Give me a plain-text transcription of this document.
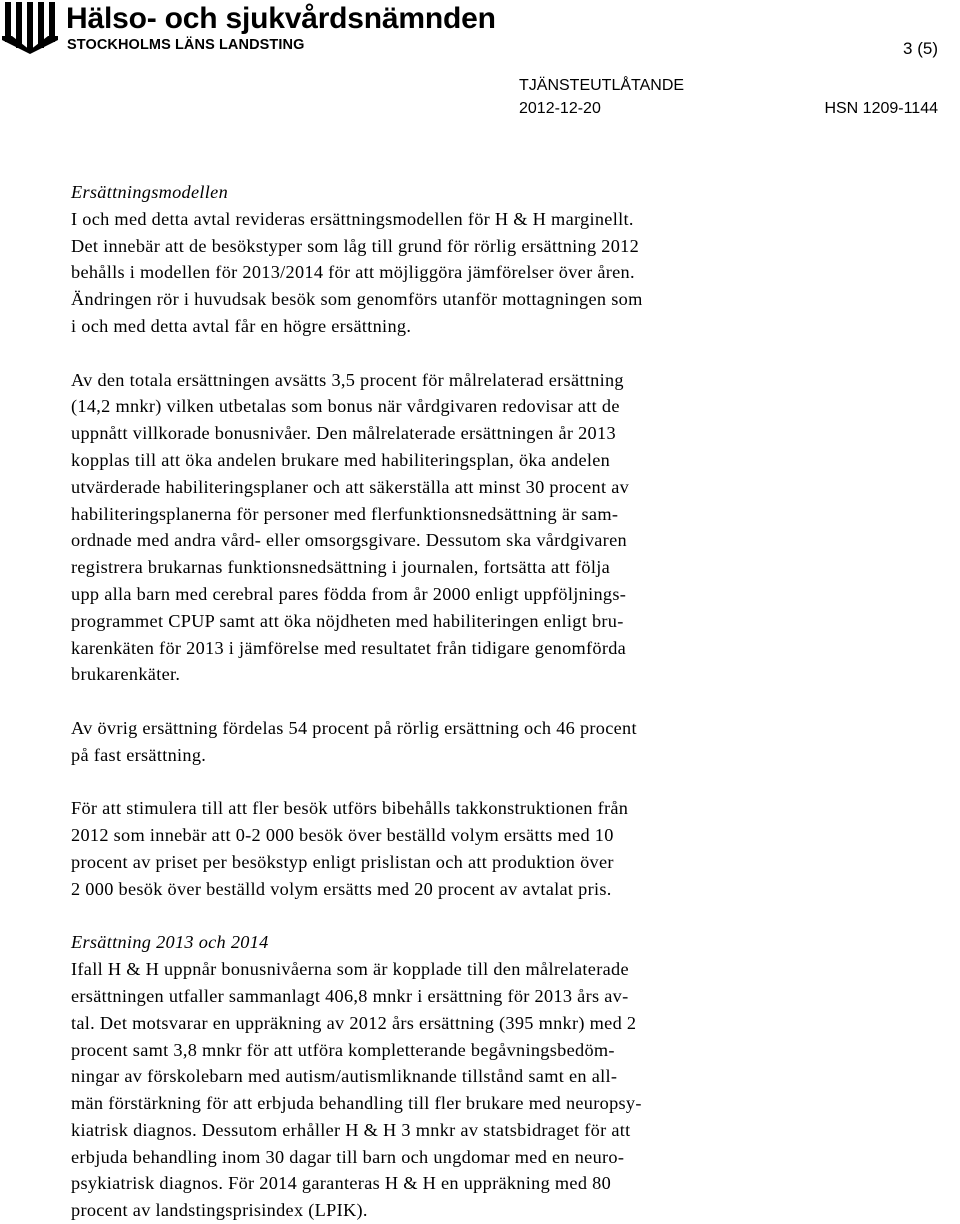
Hälso- och sjukvårdsnämnden
STOCKHOLMS LÄNS LANDSTING	3 (5)
TJÄNSTEUTLÅTANDE
2012-12-20	HSN 1209-1144
Ersättningsmodellen
I och med detta avtal revideras ersättningsmodellen för H & H marginellt.
Det innebär att de besökstyper som låg till grund för rörlig ersättning 2012
behålls i modellen för 2013/2014 för att möjliggöra jämförelser över åren.
Ändringen rör i huvudsak besök som genomförs utanför mottagningen som
i och med detta avtal får en högre ersättning.
Av den totala ersättningen avsätts 3,5 procent för målrelaterad ersättning
(14,2 mnkr) vilken utbetalas som bonus när vårdgivaren redovisar att de
uppnått villkorade bonusnivåer. Den målrelaterade ersättningen år 2013
kopplas till att öka andelen brukare med habiliteringsplan, öka andelen
utvärderade habiliteringsplaner och att säkerställa att minst 30 procent av
habiliteringsplanerna för personer med flerfunktionsnedsättning är sam-
ordnade med andra vård- eller omsorgsgivare. Dessutom ska vårdgivaren
registrera brukarnas funktionsnedsättning i journalen, fortsätta att följa
upp alla barn med cerebral pares födda from år 2000 enligt uppföljnings-
programmet CPUP samt att öka nöjdheten med habiliteringen enligt bru-
karenkäten för 2013 i jämförelse med resultatet från tidigare genomförda
brukarenkäter.
Av övrig ersättning fördelas 54 procent på rörlig ersättning och 46 procent
på fast ersättning.
För att stimulera till att fler besök utförs bibehålls takkonstruktionen från
2012 som innebär att 0-2 000 besök över beställd volym ersätts med 10
procent av priset per besökstyp enligt prislistan och att produktion över
2 000 besök över beställd volym ersätts med 20 procent av avtalat pris.
Ersättning 2013 och 2014
Ifall H & H uppnår bonusnivåerna som är kopplade till den målrelaterade
ersättningen utfaller sammanlagt 406,8 mnkr i ersättning för 2013 års av-
tal. Det motsvarar en uppräkning av 2012 års ersättning (395 mnkr) med 2
procent samt 3,8 mnkr för att utföra kompletterande begåvningsbedöm-
ningar av förskolebarn med autism/autismliknande tillstånd samt en all-
män förstärkning för att erbjuda behandling till fler brukare med neuropsy-
kiatrisk diagnos. Dessutom erhåller H & H 3 mnkr av statsbidraget för att
erbjuda behandling inom 30 dagar till barn och ungdomar med en neuro-
psykiatrisk diagnos. För 2014 garanteras H & H en uppräkning med 80
procent av landstingsprisindex (LPIK).
